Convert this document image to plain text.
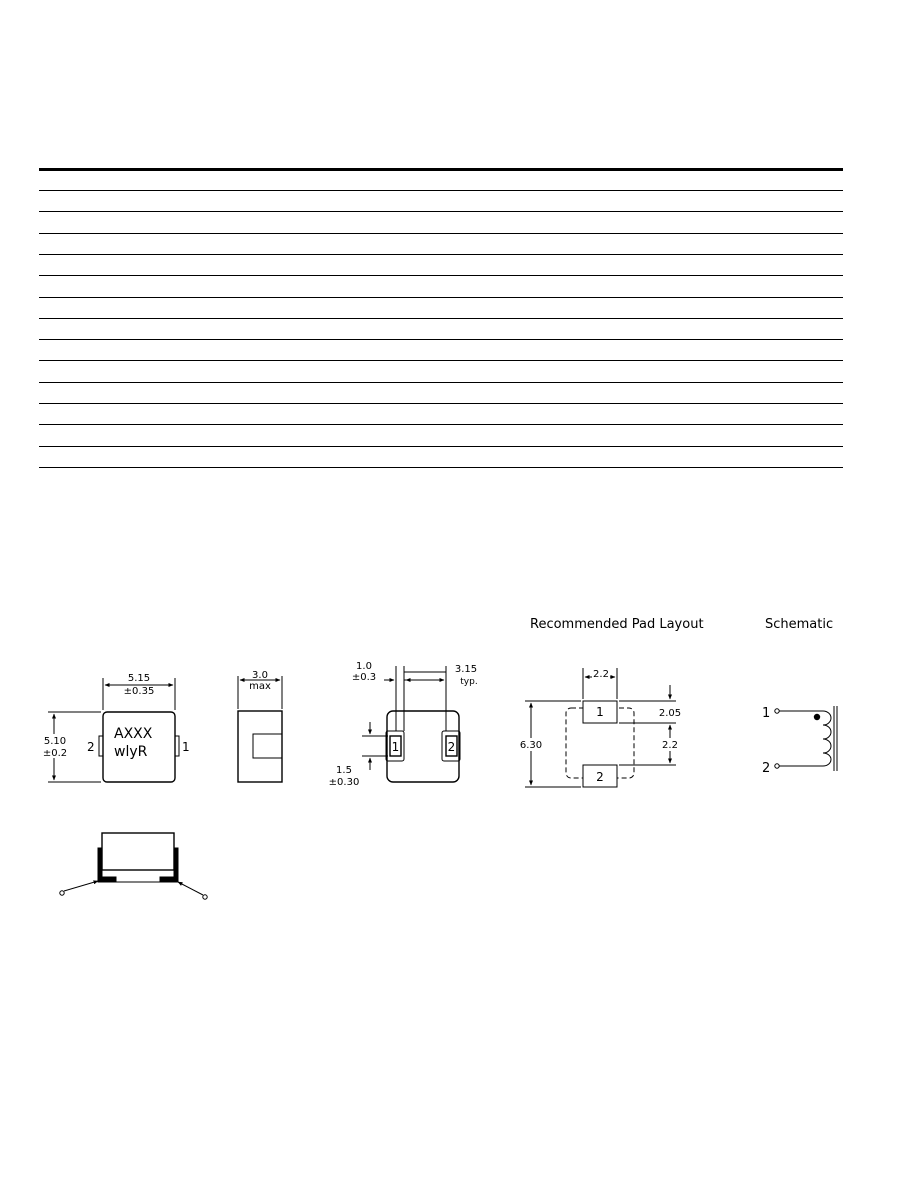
5.15
±0.35
5.10
±0.2
AXXX
wlyR
2	1
3.0
max
1.0
±0.3
3.15
typ.
1.5
±0.30
1	2
Recommended Pad Layout
2.2
6.30
2.05
2.2
1
2
Schematic
1
2
